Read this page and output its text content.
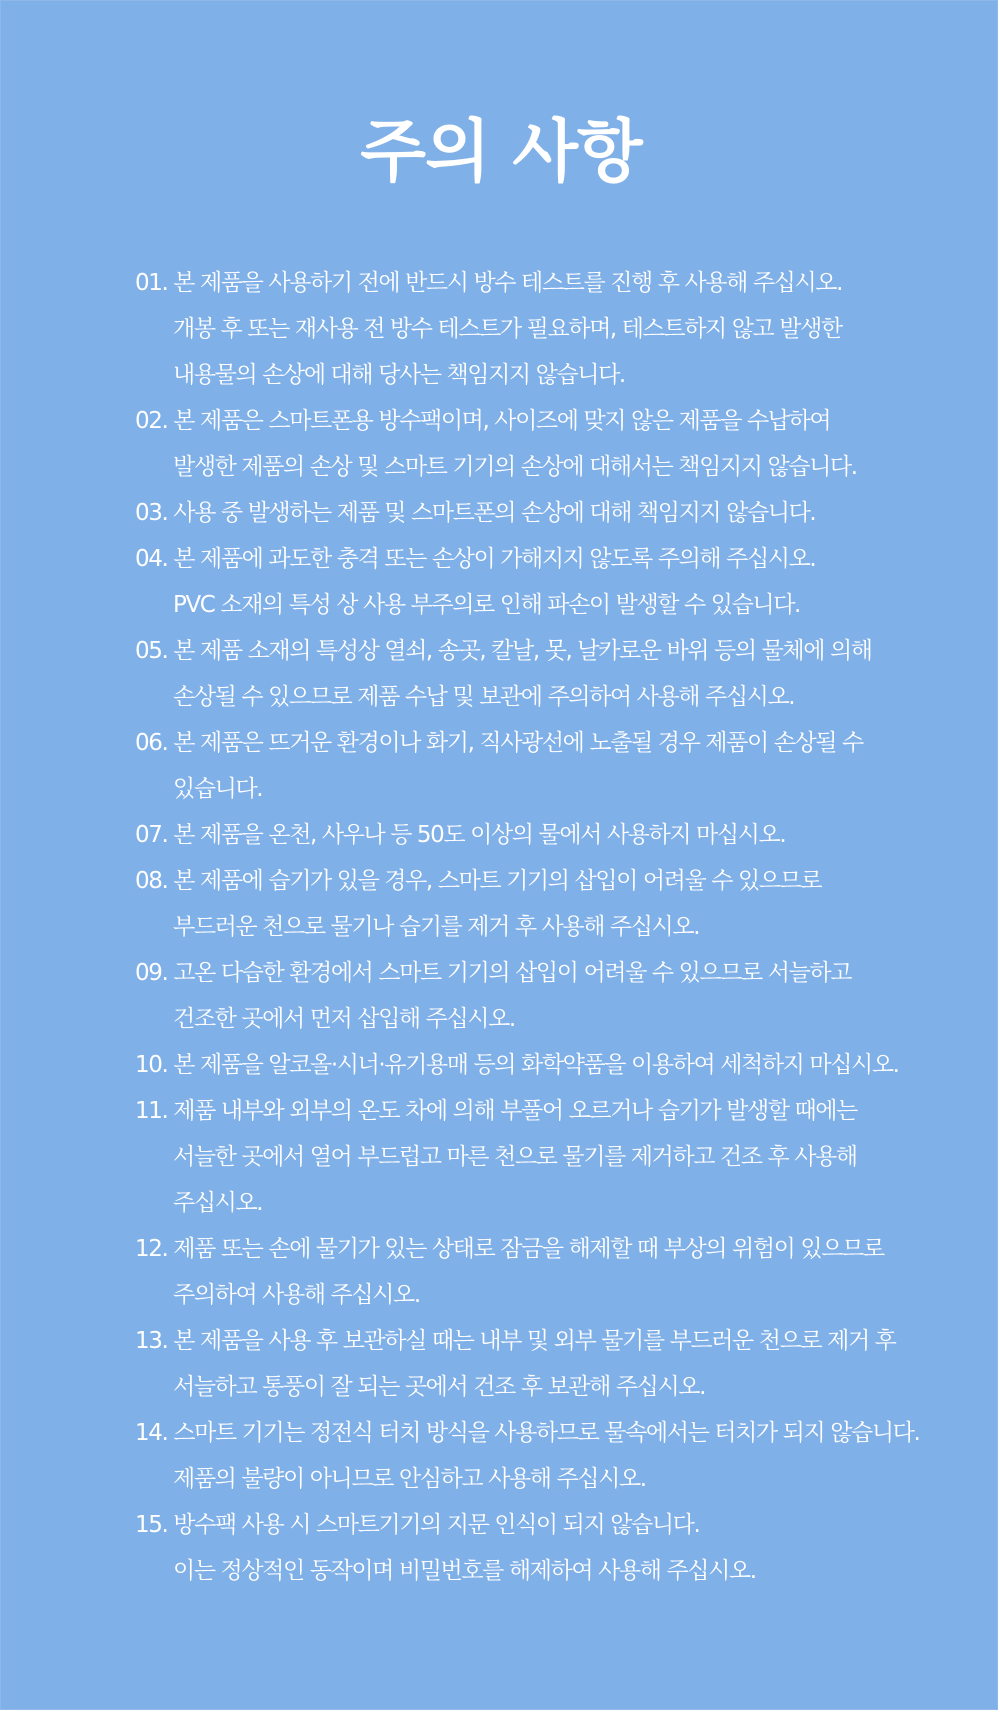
주의 사항
01. 본 제품을 사용하기 전에 반드시 방수 테스트를 진행 후 사용해 주십시오.
개봉 후 또는 재사용 전 방수 테스트가 필요하며, 테스트하지 않고 발생한
내용물의 손상에 대해 당사는 책임지지 않습니다.
02. 본 제품은 스마트폰용 방수팩이며, 사이즈에 맞지 않은 제품을 수납하여
발생한 제품의 손상 및 스마트 기기의 손상에 대해서는 책임지지 않습니다.
03. 사용 중 발생하는 제품 및 스마트폰의 손상에 대해 책임지지 않습니다.
04. 본 제품에 과도한 충격 또는 손상이 가해지지 않도록 주의해 주십시오.
PVC 소재의 특성 상 사용 부주의로 인해 파손이 발생할 수 있습니다.
05. 본 제품 소재의 특성상 열쇠, 송곳, 칼날, 못, 날카로운 바위 등의 물체에 의해
손상될 수 있으므로 제품 수납 및 보관에 주의하여 사용해 주십시오.
06. 본 제품은 뜨거운 환경이나 화기, 직사광선에 노출될 경우 제품이 손상될 수
있습니다.
07. 본 제품을 온천, 사우나 등 50도 이상의 물에서 사용하지 마십시오.
08. 본 제품에 습기가 있을 경우, 스마트 기기의 삽입이 어려울 수 있으므로
부드러운 천으로 물기나 습기를 제거 후 사용해 주십시오.
09. 고온 다습한 환경에서 스마트 기기의 삽입이 어려울 수 있으므로 서늘하고
건조한 곳에서 먼저 삽입해 주십시오.
10. 본 제품을 알코올·시너·유기용매 등의 화학약품을 이용하여 세척하지 마십시오.
11. 제품 내부와 외부의 온도 차에 의해 부풀어 오르거나 습기가 발생할 때에는
서늘한 곳에서 열어 부드럽고 마른 천으로 물기를 제거하고 건조 후 사용해
주십시오.
12. 제품 또는 손에 물기가 있는 상태로 잠금을 해제할 때 부상의 위험이 있으므로
주의하여 사용해 주십시오.
13. 본 제품을 사용 후 보관하실 때는 내부 및 외부 물기를 부드러운 천으로 제거 후
서늘하고 통풍이 잘 되는 곳에서 건조 후 보관해 주십시오.
14. 스마트 기기는 정전식 터치 방식을 사용하므로 물속에서는 터치가 되지 않습니다.
제품의 불량이 아니므로 안심하고 사용해 주십시오.
15. 방수팩 사용 시 스마트기기의 지문 인식이 되지 않습니다.
이는 정상적인 동작이며 비밀번호를 해제하여 사용해 주십시오.
